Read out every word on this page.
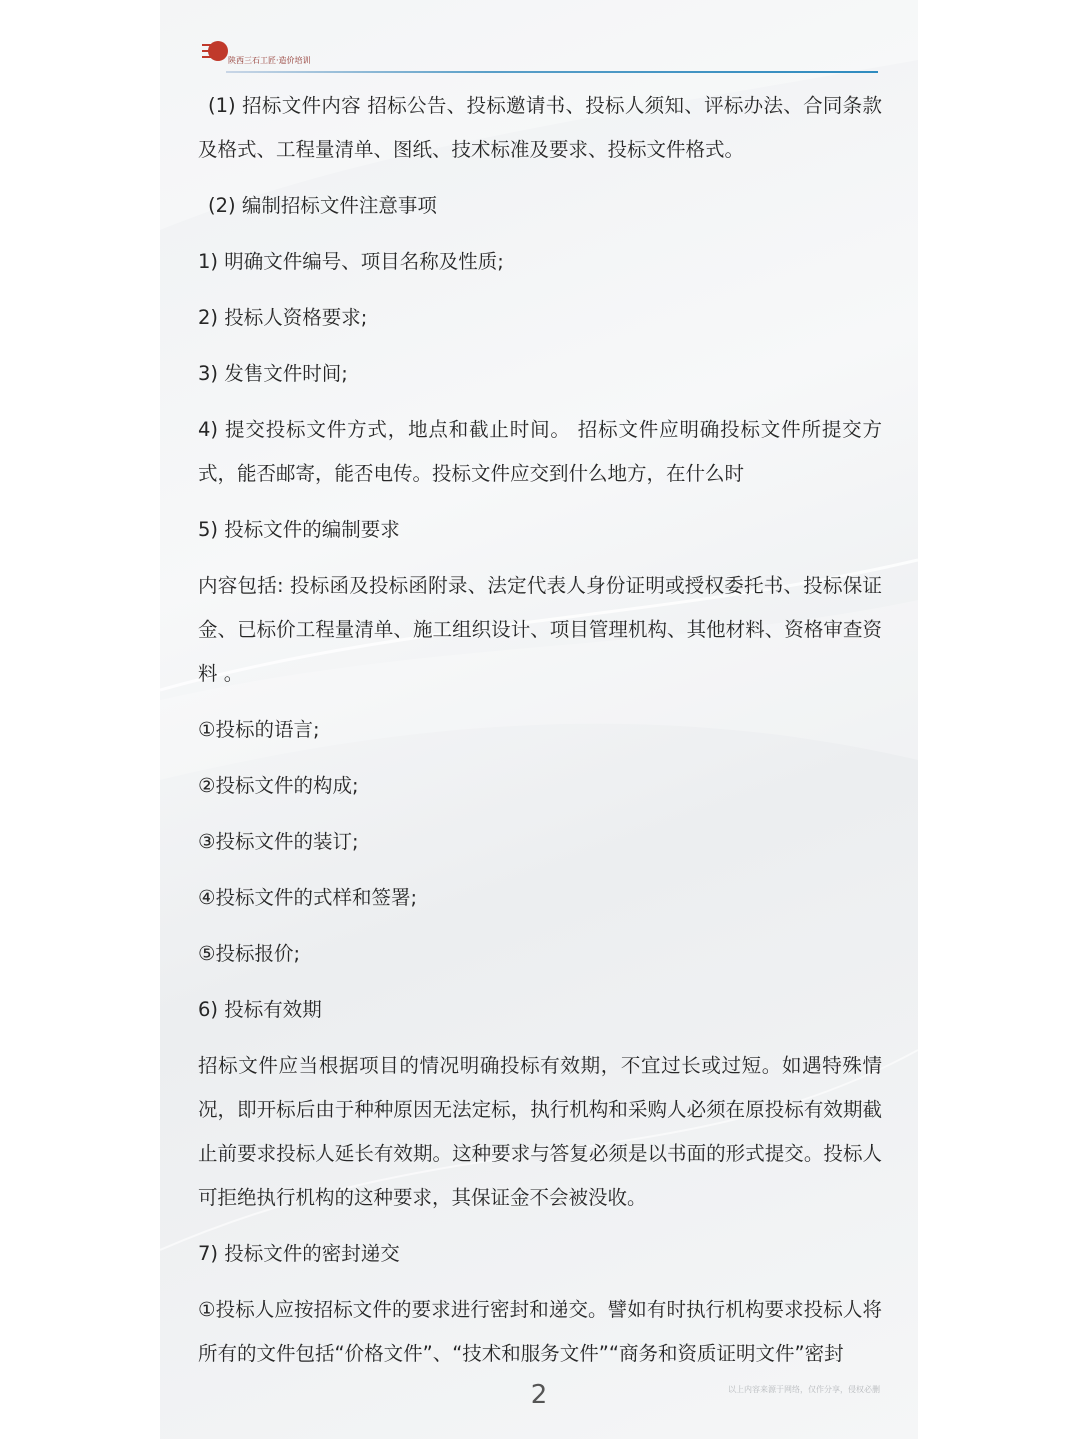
陕西三石工匠·造价培训

(1) 招标文件内容 招标公告、投标邀请书、投标人须知、评标办法、合同条款及格式、工程量清单、图纸、技术标准及要求、投标文件格式。

(2) 编制招标文件注意事项

1) 明确文件编号、项目名称及性质;

2) 投标人资格要求;

3) 发售文件时间;

4) 提交投标文件方式，地点和截止时间。 招标文件应明确投标文件所提交方式，能否邮寄，能否电传。投标文件应交到什么地方，在什么时

5) 投标文件的编制要求

内容包括: 投标函及投标函附录、法定代表人身份证明或授权委托书、投标保证金、已标价工程量清单、施工组织设计、项目管理机构、其他材料、资格审查资料 。

①投标的语言;

②投标文件的构成;

③投标文件的装订;

④投标文件的式样和签署;

⑤投标报价;

6) 投标有效期

招标文件应当根据项目的情况明确投标有效期，不宜过长或过短。如遇特殊情况，即开标后由于种种原因无法定标，执行机构和采购人必须在原投标有效期截止前要求投标人延长有效期。这种要求与答复必须是以书面的形式提交。投标人可拒绝执行机构的这种要求，其保证金不会被没收。

7) 投标文件的密封递交

①投标人应按招标文件的要求进行密封和递交。譬如有时执行机构要求投标人将所有的文件包括“价格文件”、“技术和服务文件”“商务和资质证明文件”密封

2	以上内容来源于网络，仅作分享，侵权必删
